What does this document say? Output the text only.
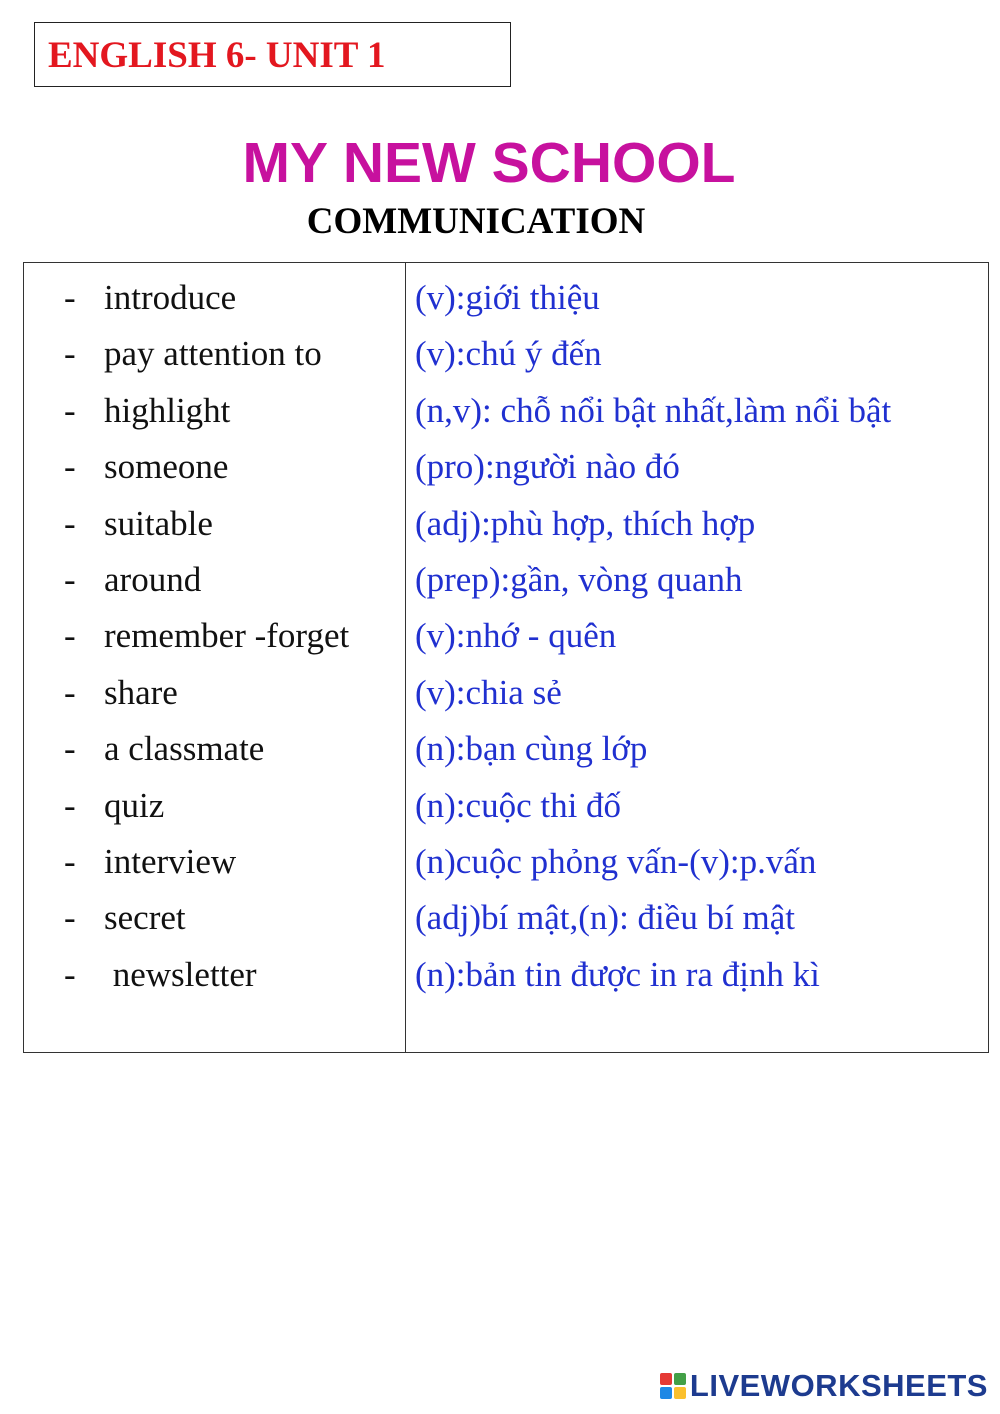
ENGLISH 6- UNIT 1
MY NEW SCHOOL
COMMUNICATION
- introduce
- pay attention to
- highlight
- someone
- suitable
- around
- remember -forget
- share
- a classmate
- quiz
- interview
- secret
- newsletter
(v):giới thiệu
(v):chú ý đến
(n,v): chỗ nổi bật nhất,làm nổi bật
(pro):người nào đó
(adj):phù hợp, thích hợp
(prep):gần, vòng quanh
(v):nhớ - quên
(v):chia sẻ
(n):bạn cùng lớp
(n):cuộc thi đố
(n)cuộc phỏng vấn-(v):p.vấn
(adj)bí mật,(n): điều bí mật
(n):bản tin được in ra định kì
LIVEWORKSHEETS
